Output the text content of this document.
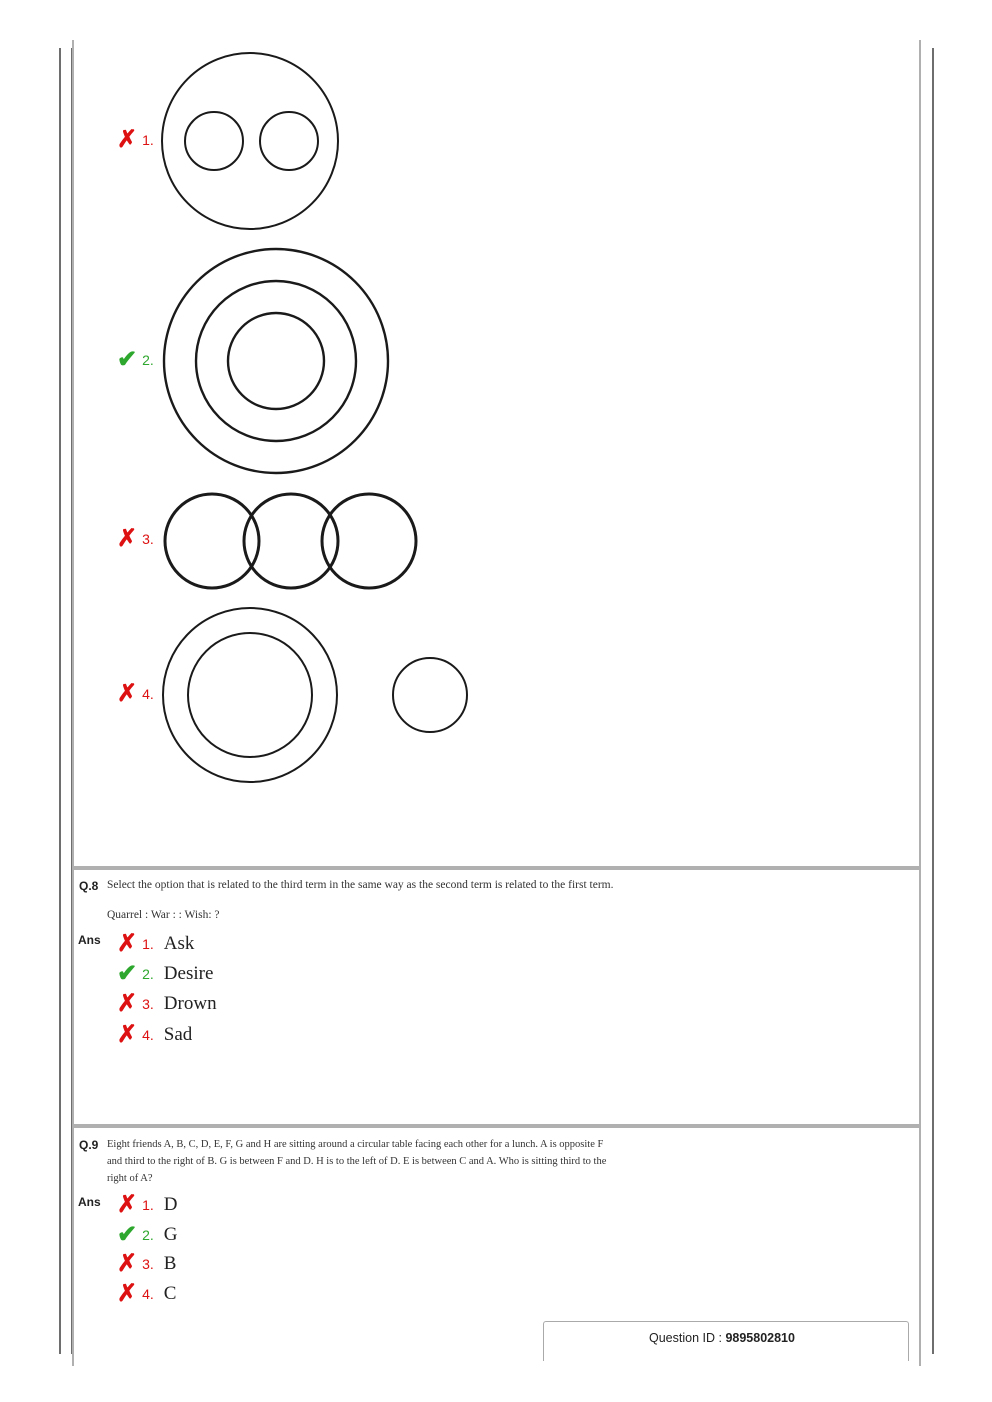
✗ 1.
✔ 2.
✗ 3.
✗ 4.
Q.8 Select the option that is related to the third term in the same way as the second term is related to the first term.
Quarrel : War : : Wish: ?
Ans ✗ 1. Ask
✔ 2. Desire
✗ 3. Drown
✗ 4. Sad
Q.9 Eight friends A, B, C, D, E, F, G and H are sitting around a circular table facing each other for a lunch. A is opposite F
and third to the right of B. G is between F and D. H is to the left of D. E is between C and A. Who is sitting third to the
right of A?
Ans ✗ 1. D
✔ 2. G
✗ 3. B
✗ 4. C
Question ID : 9895802810
